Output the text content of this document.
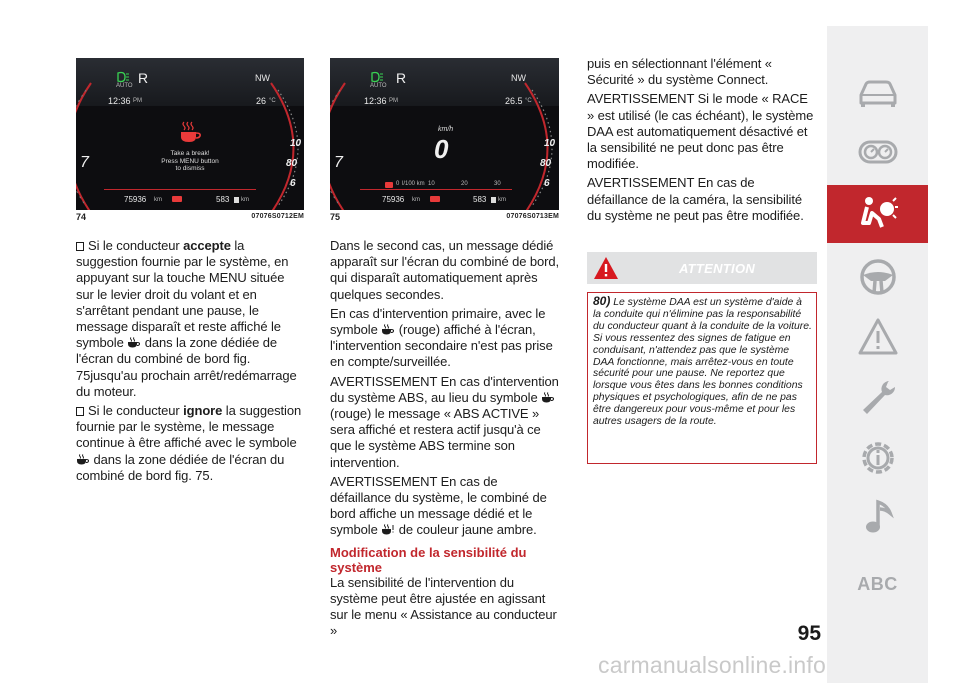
AUTO R	NW
12:36 PM	26 °C
Take a break!
Press MENU button
to dismiss
75936 km	583 km
7
10
80
6
74	07076S0712EM
AUTO R	NW
12:36 PM	26.5 °C
km/h
0
0 l/100 km 10	20	30
75936 km	583 km
7
10
80
6
75	07076S0713EM

Si le conducteur accepte la suggestion fournie par le système, en appuyant sur la touche MENU située sur le levier droit du volant et en s'arrêtant pendant une pause, le message disparaît et reste affiché le symbole  dans la zone dédiée de l'écran du combiné de bord fig. 75jusqu'au prochain arrêt/redémarrage du moteur.

Si le conducteur ignore la suggestion fournie par le système, le message continue à être affiché avec le symbole  dans la zone dédiée de l'écran du combiné de bord fig. 75.

Dans le second cas, un message dédié apparaît sur l'écran du combiné de bord, qui disparaît automatiquement après quelques secondes.

En cas d'intervention primaire, avec le symbole  (rouge) affiché à l'écran, l'intervention secondaire n'est pas prise en compte/surveillée.

AVERTISSEMENT En cas d'intervention du système ABS, au lieu du symbole  (rouge) le message « ABS ACTIVE » sera affiché et restera actif jusqu'à ce que le système ABS termine son intervention.

AVERTISSEMENT En cas de défaillance du système, le combiné de bord affiche un message dédié et le symbole  de couleur jaune ambre.

Modification de la sensibilité du système

La sensibilité de l'intervention du système peut être ajustée en agissant sur le menu « Assistance au conducteur »

puis en sélectionnant l'élément « Sécurité » du système Connect.

AVERTISSEMENT Si le mode « RACE » est utilisé (le cas échéant), le système DAA est automatiquement désactivé et la sensibilité ne peut donc pas être modifiée.

AVERTISSEMENT En cas de défaillance de la caméra, la sensibilité du système ne peut pas être modifiée.

ATTENTION
80) Le système DAA est un système d'aide à la conduite qui n'élimine pas la responsabilité du conducteur quant à la conduite de la voiture. Si vous ressentez des signes de fatigue en conduisant, n'attendez pas que le système DAA fonctionne, mais arrêtez-vous en toute sécurité pour une pause. Ne reportez que lorsque vous êtes dans les bonnes conditions physiques et psychologiques, afin de ne pas être dangereux pour vous-même et pour les autres usagers de la route.
ABC
95
carmanualsonline.info
